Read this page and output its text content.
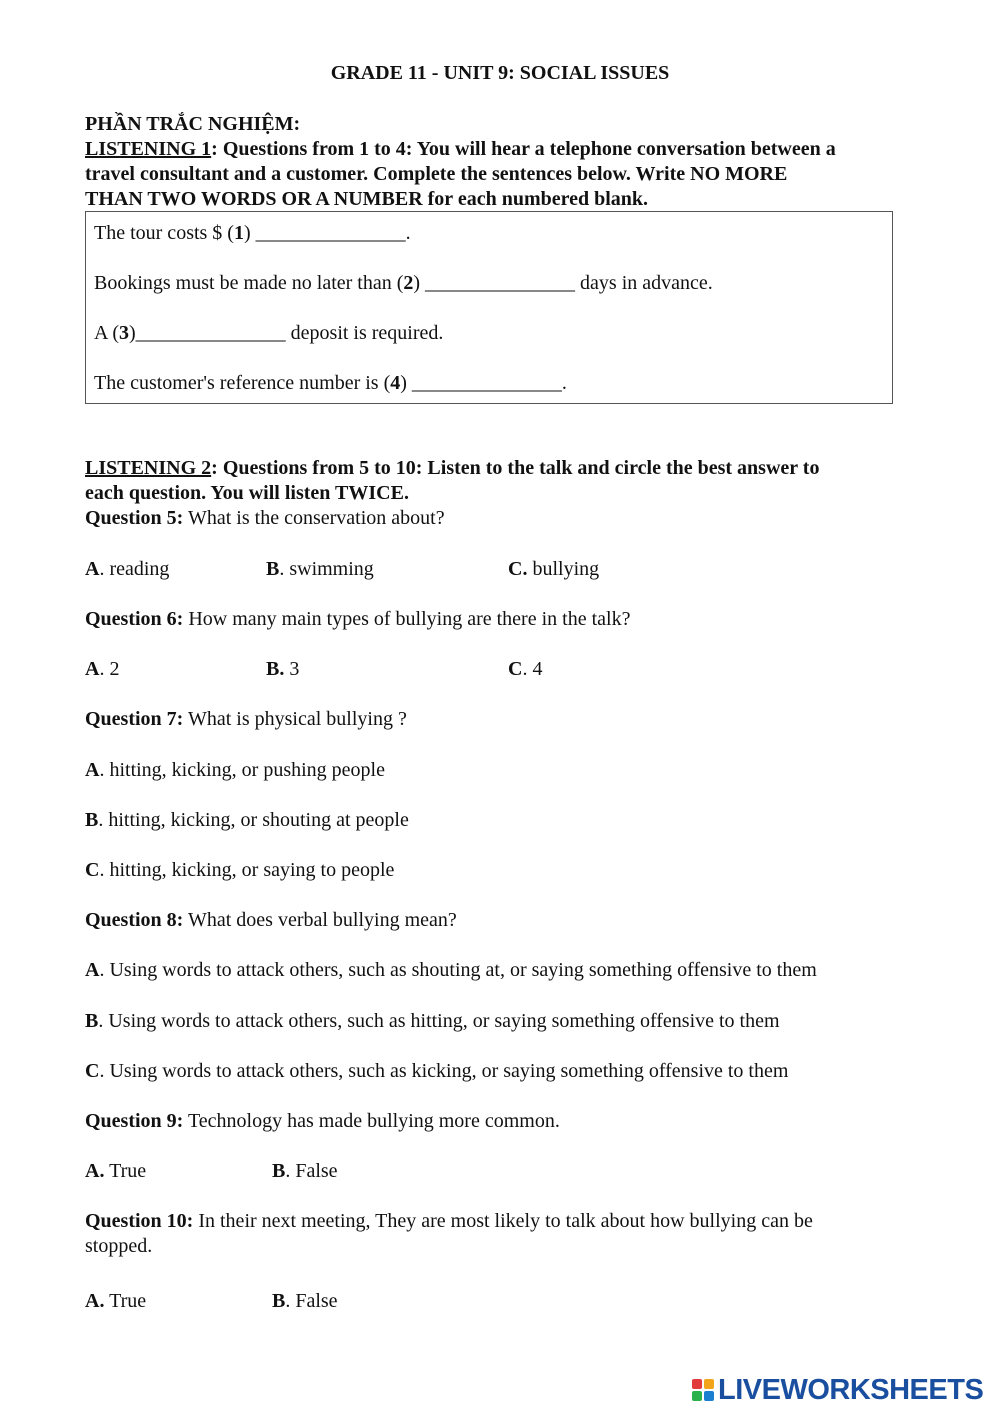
GRADE 11 - UNIT 9: SOCIAL ISSUES
PHẦN TRẮC NGHIỆM:
LISTENING 1: Questions from 1 to 4: You will hear a telephone conversation between a
travel consultant and a customer. Complete the sentences below. Write NO MORE
THAN TWO WORDS OR A NUMBER for each numbered blank.
The tour costs $ (1) _______________.
Bookings must be made no later than (2) _______________ days in advance.
A (3)_______________ deposit is required.
The customer's reference number is (4) _______________.
LISTENING 2: Questions from 5 to 10: Listen to the talk and circle the best answer to
each question. You will listen TWICE.
Question 5: What is the conservation about?
A. reading	B. swimming	C. bullying
Question 6: How many main types of bullying are there in the talk?
A. 2	B. 3	C. 4
Question 7: What is physical bullying ?
A. hitting, kicking, or pushing people
B. hitting, kicking, or shouting at people
C. hitting, kicking, or saying to people
Question 8: What does verbal bullying mean?
A. Using words to attack others, such as shouting at, or saying something offensive to them
B. Using words to attack others, such as hitting, or saying something offensive to them
C. Using words to attack others, such as kicking, or saying something offensive to them
Question 9: Technology has made bullying more common.
A. True	B. False
Question 10: In their next meeting, They are most likely to talk about how bullying can be
stopped.
A. True	B. False
LIVEWORKSHEETS
